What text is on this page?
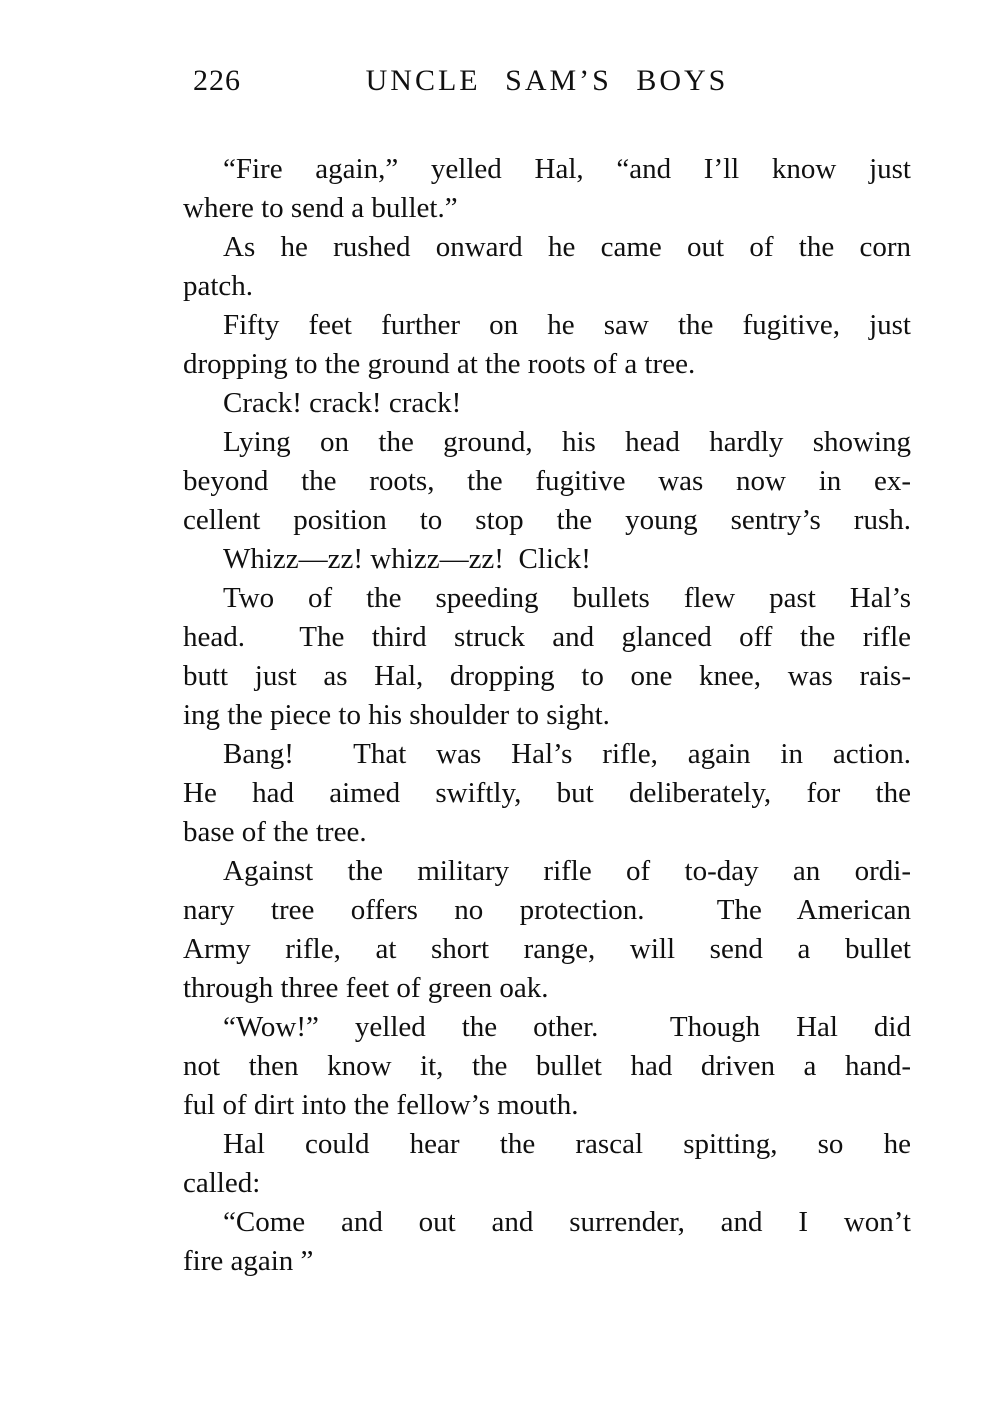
226	UNCLE SAM’S BOYS
“Fire again,” yelled Hal, “and I’ll know just
where to send a bullet.”
As he rushed onward he came out of the corn
patch.
Fifty feet further on he saw the fugitive, just
dropping to the ground at the roots of a tree.
Crack! crack! crack!
Lying on the ground, his head hardly showing
beyond the roots, the fugitive was now in ex-
cellent position to stop the young sentry’s rush.
Whizz—zz! whizz—zz!  Click!
Two of the speeding bullets flew past Hal’s
head.  The third struck and glanced off the rifle
butt just as Hal, dropping to one knee, was rais-
ing the piece to his shoulder to sight.
Bang!  That was Hal’s rifle, again in action.
He had aimed swiftly, but deliberately, for the
base of the tree.
Against the military rifle of to-day an ordi-
nary tree offers no protection.  The American
Army rifle, at short range, will send a bullet
through three feet of green oak.
“Wow!” yelled the other.  Though Hal did
not then know it, the bullet had driven a hand-
ful of dirt into the fellow’s mouth.
Hal could hear the rascal spitting, so he
called:
“Come and out and surrender, and I won’t
fire again ”
